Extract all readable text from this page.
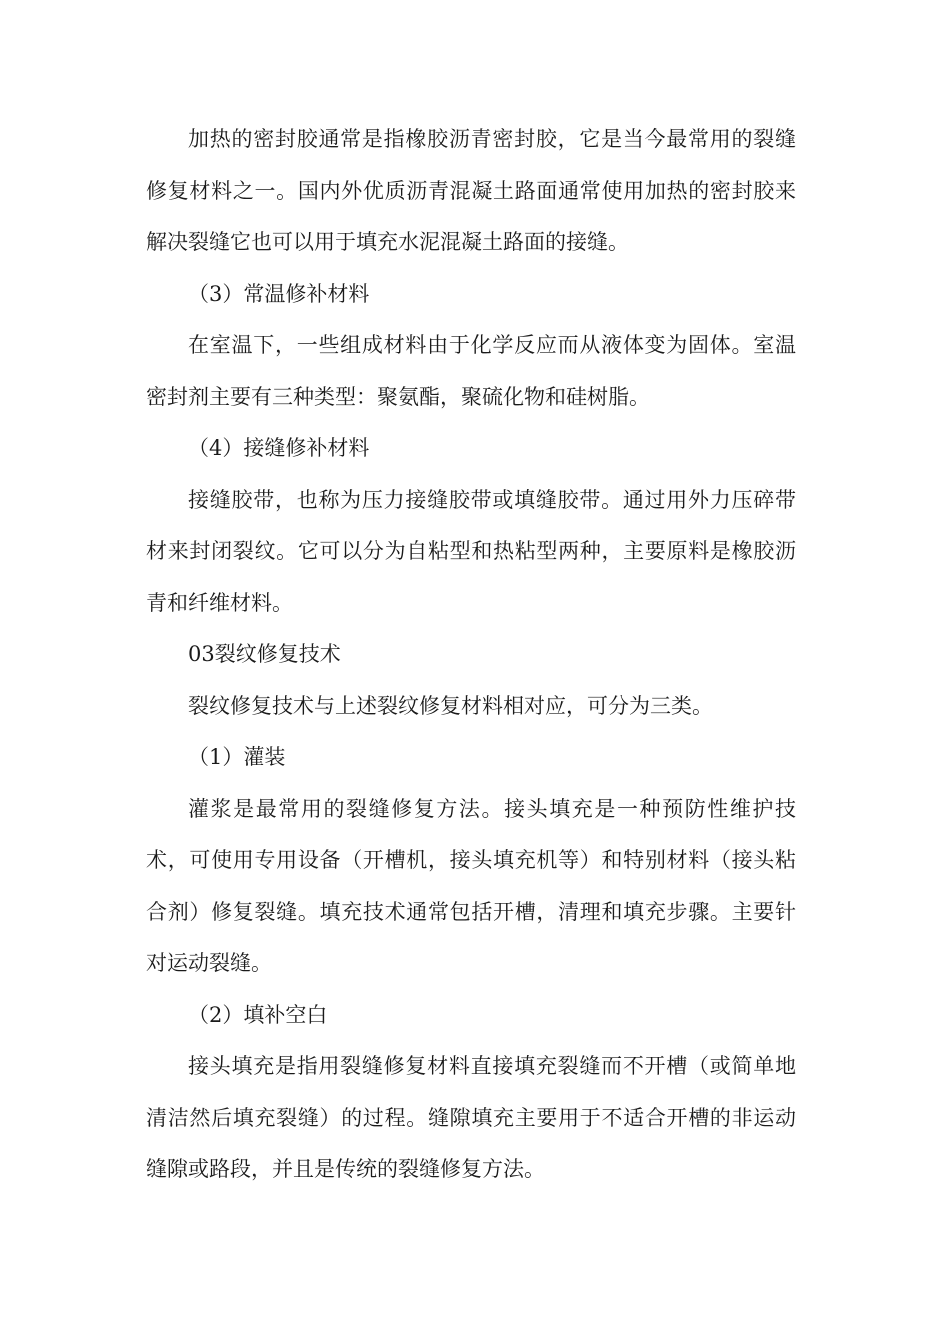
加热的密封胶通常是指橡胶沥青密封胶，它是当今最常用的裂缝修复材料之一。国内外优质沥青混凝土路面通常使用加热的密封胶来解决裂缝它也可以用于填充水泥混凝土路面的接缝。

（3）常温修补材料

在室温下，一些组成材料由于化学反应而从液体变为固体。室温密封剂主要有三种类型：聚氨酯，聚硫化物和硅树脂。

（4）接缝修补材料

接缝胶带，也称为压力接缝胶带或填缝胶带。通过用外力压碎带材来封闭裂纹。它可以分为自粘型和热粘型两种，主要原料是橡胶沥青和纤维材料。

03裂纹修复技术

裂纹修复技术与上述裂纹修复材料相对应，可分为三类。

（1）灌装

灌浆是最常用的裂缝修复方法。接头填充是一种预防性维护技术，可使用专用设备（开槽机，接头填充机等）和特别材料（接头粘合剂）修复裂缝。填充技术通常包括开槽，清理和填充步骤。主要针对运动裂缝。

（2）填补空白

接头填充是指用裂缝修复材料直接填充裂缝而不开槽（或简单地清洁然后填充裂缝）的过程。缝隙填充主要用于不适合开槽的非运动缝隙或路段，并且是传统的裂缝修复方法。
